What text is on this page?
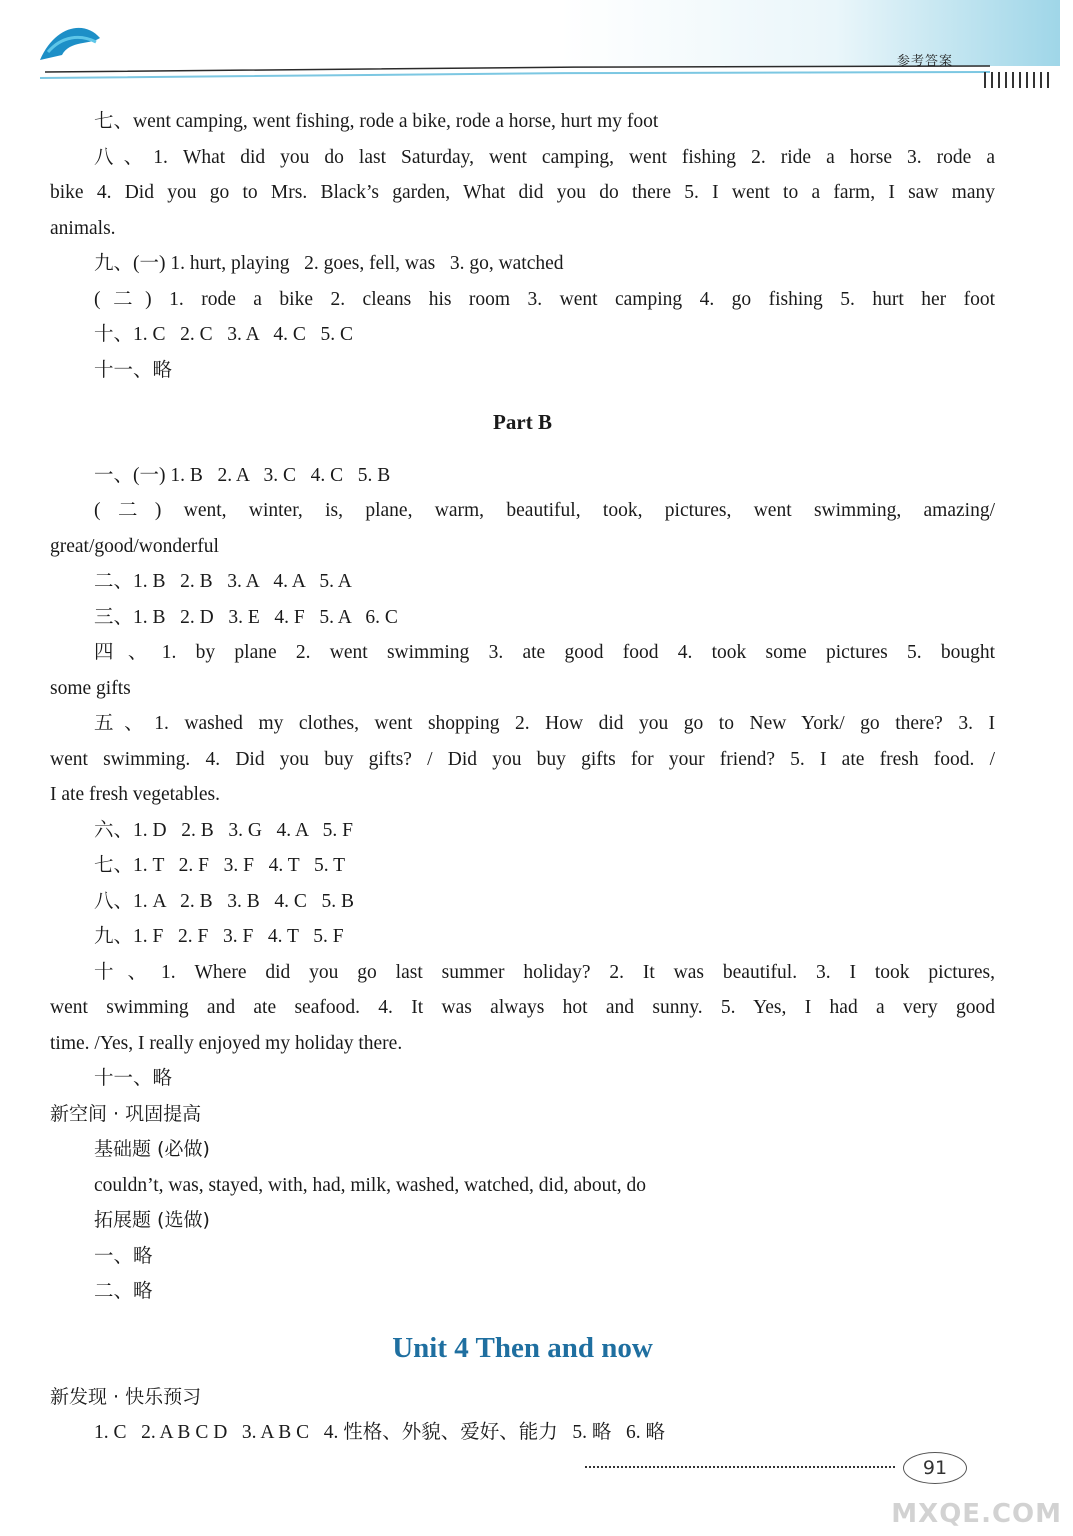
参考答案

七、went camping, went fishing, rode a bike, rode a horse, hurt my foot

八、1. What did you do last Saturday, went camping, went fishing 2. ride a horse 3. rode a

bike 4. Did you go to Mrs. Black’s garden, What did you do there 5. I went to a farm, I saw many

animals.

九、(一) 1. hurt, playing   2. goes, fell, was   3. go, watched

(二) 1. rode a bike 2. cleans his room 3. went camping 4. go fishing 5. hurt her foot

十、1. C   2. C   3. A   4. C   5. C

十一、略

Part B

一、(一) 1. B   2. A   3. C   4. C   5. B

(二) went, winter, is, plane, warm, beautiful, took, pictures, went swimming, amazing/

great/good/wonderful

二、1. B   2. B   3. A   4. A   5. A

三、1. B   2. D   3. E   4. F   5. A   6. C

四、1. by plane 2. went swimming 3. ate good food 4. took some pictures 5. bought

some gifts

五、1. washed my clothes, went shopping 2. How did you go to New York/ go there? 3. I

went swimming. 4. Did you buy gifts? / Did you buy gifts for your friend? 5. I ate fresh food. /

I ate fresh vegetables.

六、1. D   2. B   3. G   4. A   5. F

七、1. T   2. F   3. F   4. T   5. T

八、1. A   2. B   3. B   4. C   5. B

九、1. F   2. F   3. F   4. T   5. F

十、1. Where did you go last summer holiday? 2. It was beautiful. 3. I took pictures,

went swimming and ate seafood. 4. It was always hot and sunny. 5. Yes, I had a very good

time. /Yes, I really enjoyed my holiday there.

十一、略

新空间 · 巩固提高

基础题 (必做)

couldn’t, was, stayed, with, had, milk, washed, watched, did, about, do

拓展题 (选做)

一、略

二、略

Unit 4 Then and now

新发现 · 快乐预习

1. C   2. A B C D   3. A B C   4. 性格、外貌、爱好、能力   5. 略   6. 略

91
MXQE.COM
